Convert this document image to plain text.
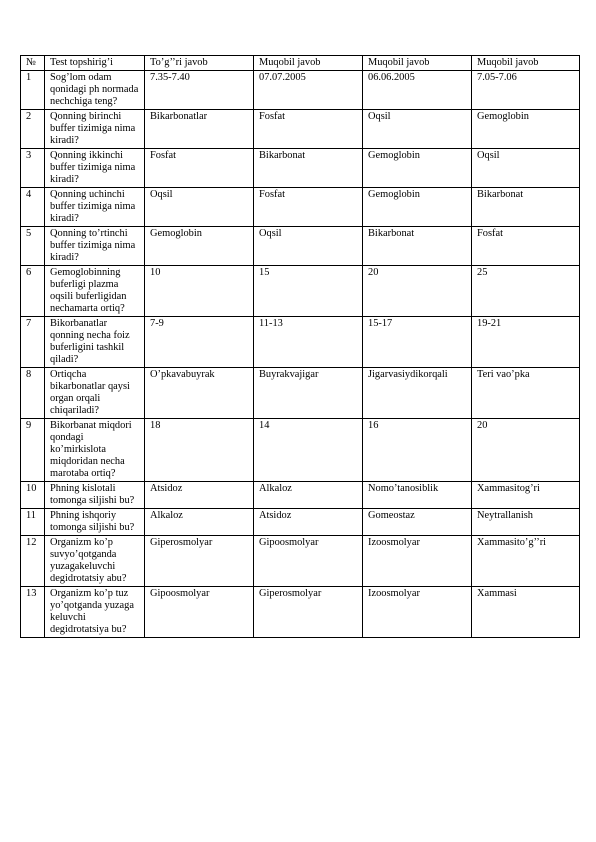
№	Test topshirig’i	To’g’’ri javob	Muqobil javob	Muqobil javob	Muqobil javob
1	Sog’lom odam qonidagi ph normada nechchiga teng?	7.35-7.40	07.07.2005	06.06.2005	7.05-7.06
2	Qonning birinchi buffer tizimiga nima kiradi?	Bikarbonatlar	Fosfat	Oqsil	Gemoglobin
3	Qonning ikkinchi buffer tizimiga nima kiradi?	Fosfat	Bikarbonat	Gemoglobin	Oqsil
4	Qonning uchinchi buffer tizimiga nima kiradi?	Oqsil	Fosfat	Gemoglobin	Bikarbonat
5	Qonning to’rtinchi buffer tizimiga nima kiradi?	Gemoglobin	Oqsil	Bikarbonat	Fosfat
6	Gemoglobinning buferligi plazma oqsili buferligidan nechamarta ortiq?	10	15	20	25
7	Bikorbanatlar qonning necha foiz buferligini tashkil qiladi?	7-9	11-13	15-17	19-21
8	Ortiqcha bikarbonatlar qaysi organ orqali chiqariladi?	O’pkavabuyrak	Buyrakvajigar	Jigarvasiydikorqali	Teri vao’pka
9	Bikorbanat miqdori qondagi ko’mirkislota miqdoridan necha marotaba ortiq?	18	14	16	20
10	Phning kislotali tomonga siljishi bu?	Atsidoz	Alkaloz	Nomo’tanosiblik	Xammasitog’ri
11	Phning ishqoriy tomonga siljishi bu?	Alkaloz	Atsidoz	Gomeostaz	Neytrallanish
12	Organizm ko’p suvyo’qotganda yuzagakeluvchi degidrotatsiy abu?	Giperosmolyar	Gipoosmolyar	Izoosmolyar	Xammasito’g’’ri
13	Organizm ko’p tuz yo’qotganda yuzaga keluvchi degidrotatsiya bu?	Gipoosmolyar	Giperosmolyar	Izoosmolyar	Xammasi
